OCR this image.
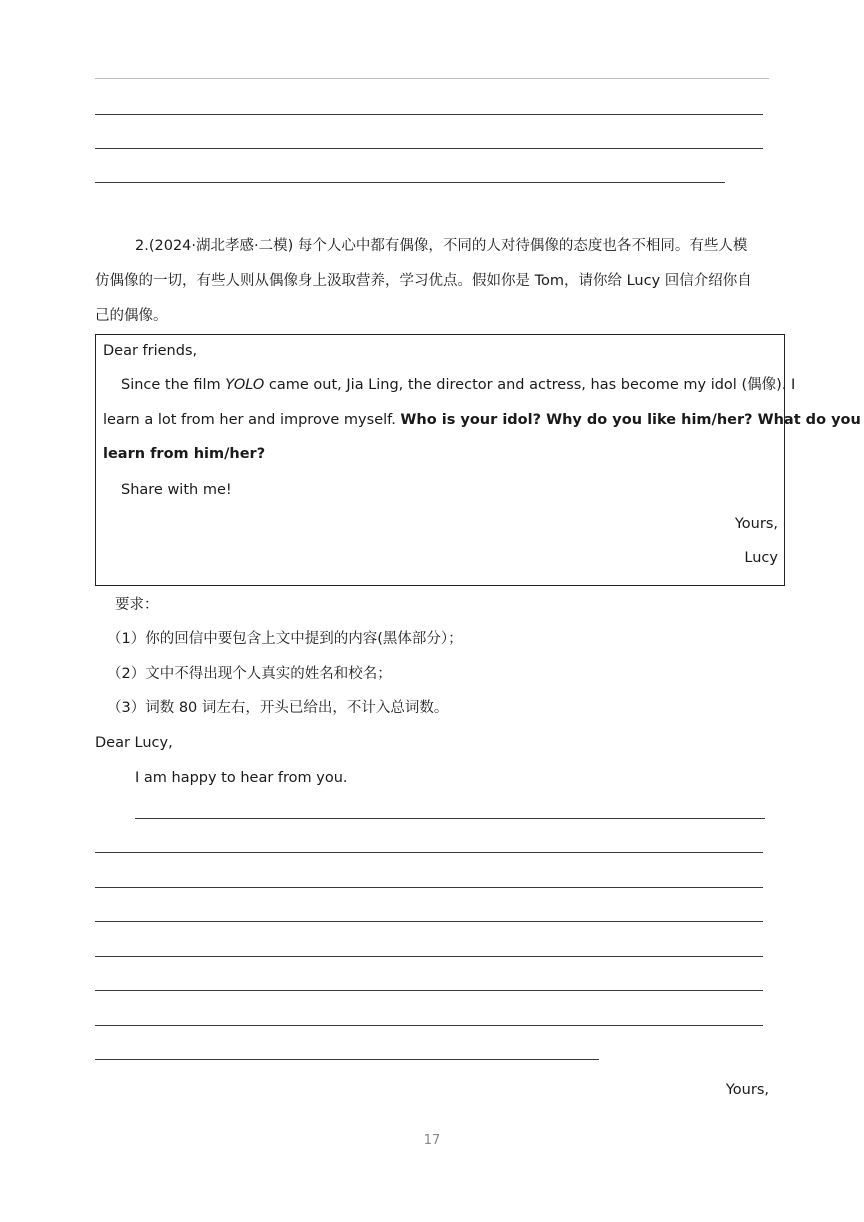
2.(2024·湖北孝感·二模) 每个人心中都有偶像，不同的人对待偶像的态度也各不相同。有些人模
仿偶像的一切，有些人则从偶像身上汲取营养，学习优点。假如你是 Tom，请你给 Lucy 回信介绍你自
己的偶像。
Dear friends,
Since the film YOLO came out, Jia Ling, the director and actress, has become my idol (偶像). I
learn a lot from her and improve myself. Who is your idol? Why do you like him/her? What do you
learn from him/her?
Share with me!
Yours,
Lucy
要求：
（1）你的回信中要包含上文中提到的内容(黑体部分）；
（2）文中不得出现个人真实的姓名和校名；
（3）词数 80 词左右，开头已给出，不计入总词数。
Dear Lucy,
I am happy to hear from you.
Yours,
17
